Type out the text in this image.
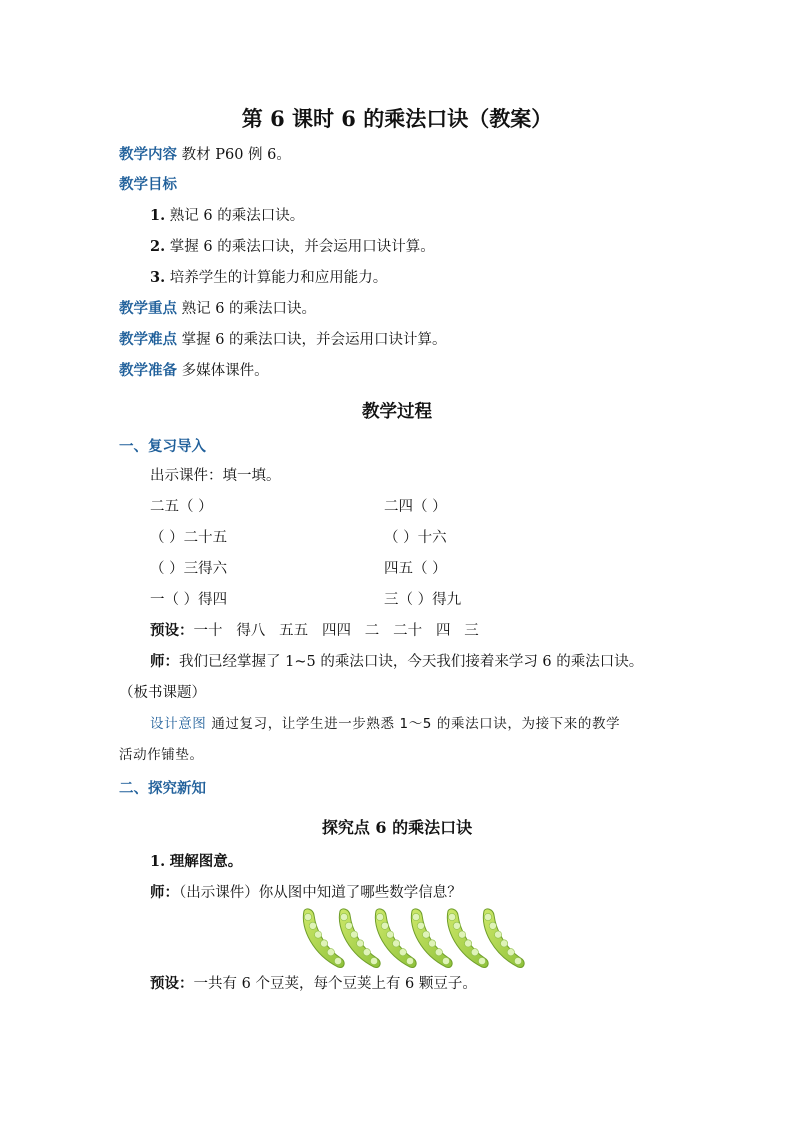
第 6 课时 6 的乘法口诀（教案）
教学内容 教材 P60 例 6。
教学目标
1. 熟记 6 的乘法口诀。
2. 掌握 6 的乘法口诀，并会运用口诀计算。
3. 培养学生的计算能力和应用能力。
教学重点 熟记 6 的乘法口诀。
教学难点 掌握 6 的乘法口诀，并会运用口诀计算。
教学准备 多媒体课件。
教学过程
一、复习导入
出示课件：填一填。
二五（ ）	二四（ ）
（ ）二十五	（ ）十六
（ ）三得六	四五（ ）
一（ ）得四	三（ ）得九
预设：一十   得八   五五   四四   二   二十   四   三
师：我们已经掌握了 1~5 的乘法口诀，今天我们接着来学习 6 的乘法口诀。
（板书课题）
设计意图 通过复习，让学生进一步熟悉 1～5 的乘法口诀，为接下来的教学
活动作铺垫。
二、探究新知
探究点 6 的乘法口诀
1. 理解图意。
师：（出示课件）你从图中知道了哪些数学信息？
预设：一共有 6 个豆荚，每个豆荚上有 6 颗豆子。
